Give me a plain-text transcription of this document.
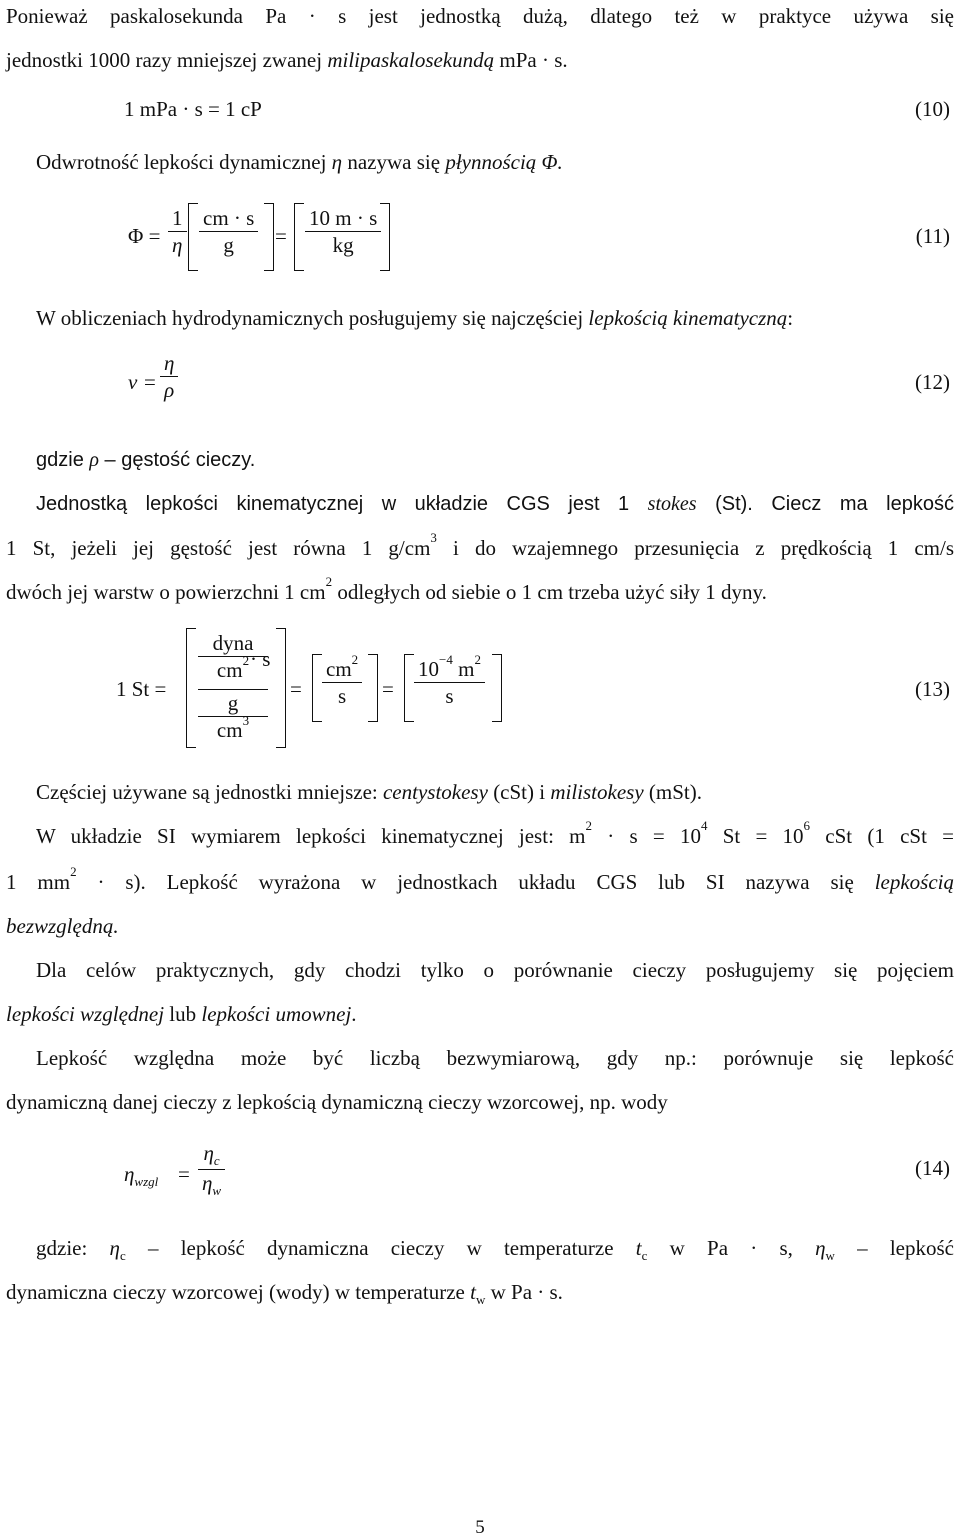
Ponieważ paskalosekunda Pa · s jest jednostką dużą, dlatego też w praktyce używa się
jednostki 1000 razy mniejszej zwanej milipaskalosekundą mPa · s.
1 mPa · s = 1 cP	(10)
Odwrotność lepkości dynamicznej η nazywa się płynnością Φ.
$\Phi = \frac{1}{\eta} \frac{cm \cdot s}{g} = \frac{10 m \cdot s}{kg}$	(11)
W obliczeniach hydrodynamicznych posługujemy się najczęściej lepkością kinematyczną:
$\nu = \frac{\eta}{\rho}$	(12)
gdzie ρ – gęstość cieczy.
Jednostką lepkości kinematycznej w układzie CGS jest 1 stokes (St). Ciecz ma lepkość
1 St, jeżeli jej gęstość jest równa 1 $g/cm^3$ i do wzajemnego przesunięcia z prędkością 1 cm/s
dwóch jej warstw o powierzchni 1 $cm^2$ odległych od siebie o 1 cm trzeba użyć siły 1 dyny.
1 St =
dyna
$cm^2$
g
$cm^3$
· s
= $\frac{cm^2}{s} = \frac{10^{-4} m^2}{s}$	(13)
Częściej używane są jednostki mniejsze: centystokesy (cSt) i milistokesy (mSt).
W układzie SI wymiarem lepkości kinematycznej jest: $m^2 \cdot s = 10^4$ $St = 10^6$ cSt (1 cSt =
1 $mm^2 \cdot s$). Lepkość wyrażona w jednostkach układu CGS lub SI nazywa się lepkością
bezwzględną.
Dla celów praktycznych, gdy chodzi tylko o porównanie cieczy posługujemy się pojęciem
lepkości względnej lub lepkości umownej.
Lepkość względna może być liczbą bezwymiarową, gdy np.: porównuje się lepkość
dynamiczną danej cieczy z lepkością dynamiczną cieczy wzorcowej, np. wody
$\eta_{wzgl} = \frac{\eta_c}{\eta_w}$	(14)
gdzie: $\eta_c$ – lepkość dynamiczna cieczy w temperaturze $t_c$ w Pa · s, $\eta_w$ – lepkość
dynamiczna cieczy wzorcowej (wody) w temperaturze $t_w$ w Pa · s.
5
